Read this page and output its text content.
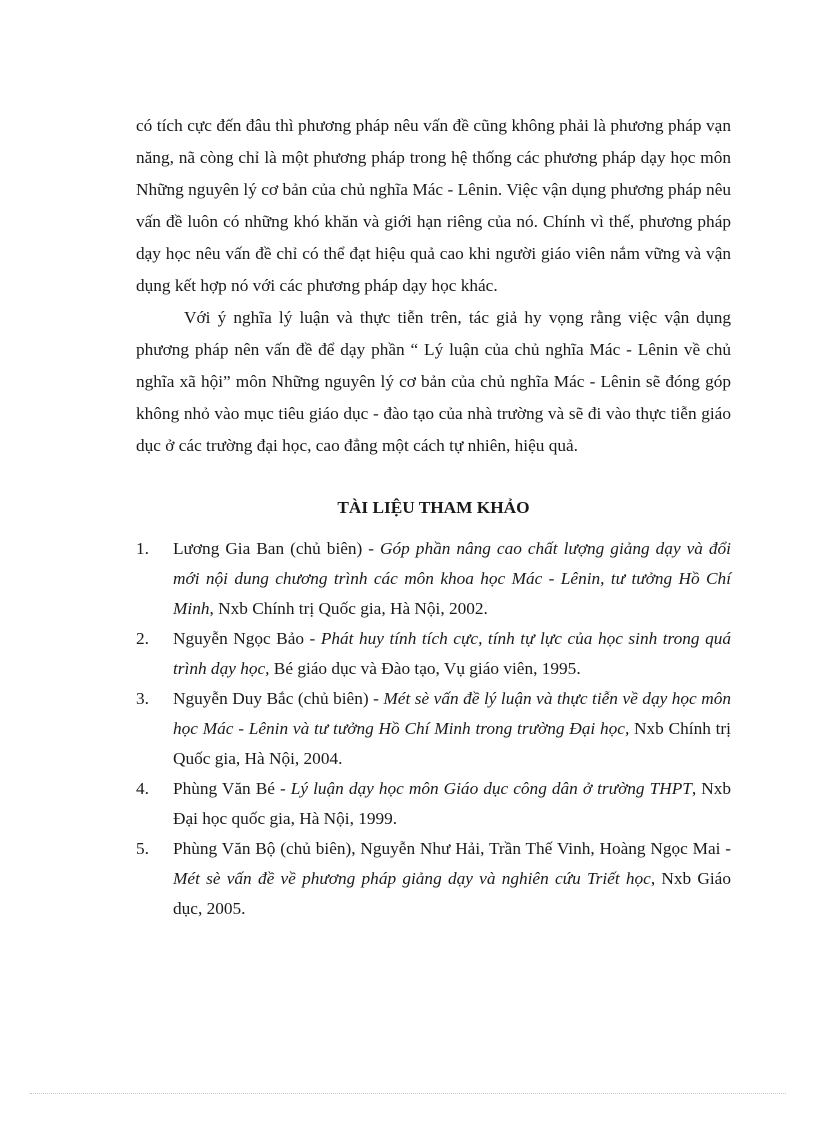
có tích cực đến đâu thì phương pháp nêu vấn đề cũng không phải là phương pháp vạn năng, nã còng chỉ là một phương pháp trong hệ thống các phương pháp dạy học môn Những nguyên lý cơ bản của chủ nghĩa Mác - Lênin. Việc vận dụng phương pháp nêu vấn đề luôn có những khó khăn và giới hạn riêng của nó. Chính vì thế, phương pháp dạy học nêu vấn đề chỉ có thể đạt hiệu quả cao khi người giáo viên nắm vững và vận dụng kết hợp nó với các phương pháp dạy học khác.

Với ý nghĩa lý luận và thực tiễn trên, tác giả hy vọng rằng việc vận dụng phương pháp nên vấn đề để dạy phần “ Lý luận của chủ nghĩa Mác - Lênin về chủ nghĩa xã hội” môn Những nguyên lý cơ bản của chủ nghĩa Mác - Lênin sẽ đóng góp không nhỏ vào mục tiêu giáo dục - đào tạo của nhà trường và sẽ đi vào thực tiễn giáo dục ở các trường đại học, cao đẳng một cách tự nhiên, hiệu quả.

TÀI LIỆU THAM KHẢO
1. Lương Gia Ban (chủ biên) - Góp phần nâng cao chất lượng giảng dạy và đổi mới nội dung chương trình các môn khoa học Mác - Lênin, tư tưởng Hồ Chí Minh, Nxb Chính trị Quốc gia, Hà Nội, 2002.
2. Nguyễn Ngọc Bảo - Phát huy tính tích cực, tính tự lực của học sinh trong quá trình dạy học, Bé giáo dục và Đào tạo, Vụ giáo viên, 1995.
3. Nguyễn Duy Bắc (chủ biên) - Mét sè vấn đề lý luận và thực tiễn về dạy học môn học Mác - Lênin và tư tưởng Hồ Chí Minh trong trường Đại học, Nxb Chính trị Quốc gia, Hà Nội, 2004.
4. Phùng Văn Bé - Lý luận dạy học môn Giáo dục công dân ở trường THPT, Nxb Đại học quốc gia, Hà Nội, 1999.
5. Phùng Văn Bộ (chủ biên), Nguyễn Như Hải, Trần Thế Vinh, Hoàng Ngọc Mai - Mét sè vấn đề về phương pháp giảng dạy và nghiên cứu Triết học, Nxb Giáo dục, 2005.
